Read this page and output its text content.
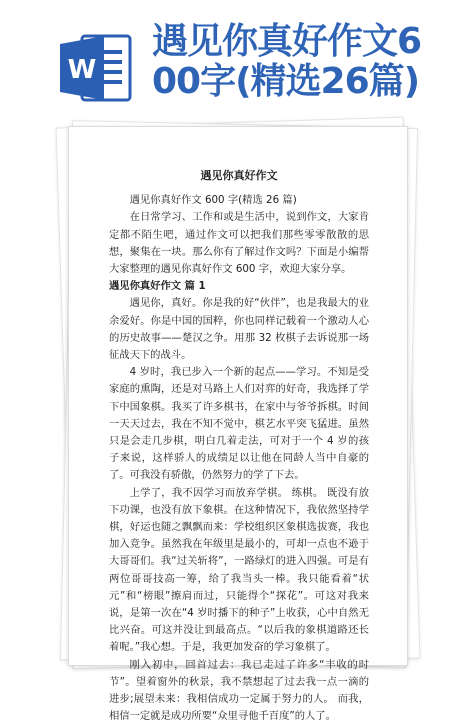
W
遇见你真好作文6
00字(精选26篇)
遇见你真好作文
遇见你真好作文 600 字(精选 26 篇)
在日常学习、工作和或是生活中，说到作文，大家肯定都不陌生吧，通过作文可以把我们那些零零散散的思想，聚集在一块。那么你有了解过作文吗？下面是小编帮大家整理的遇见你真好作文 600 字，欢迎大家分享。
遇见你真好作文 篇 1
遇见你，真好。你是我的好“伙伴”，也是我最大的业余爱好。你是中国的国粹，你也同样记载着一个激动人心的历史故事——楚汉之争。用那 32 枚棋子去诉说那一场征战天下的战斗。
4 岁时，我已步入一个新的起点——学习。不知是受家庭的熏陶，还是对马路上人们对弈的好奇，我选择了学下中国象棋。我买了许多棋书，在家中与爷爷拆棋。时间一天天过去，我在不知不觉中，棋艺水平突飞猛进。虽然只是会走几步棋，明白几着走法，可对于一个 4 岁的孩子来说，这样骄人的成绩足以让他在同龄人当中自豪的了。可我没有骄傲，仍然努力的学了下去。
上学了，我不因学习而放弃学棋。 练棋。 既没有放下功课，也没有放下象棋。在这种情况下，我依然坚持学棋，好运也随之飘飘而来：学校组织区象棋选拔赛，我也加入竞争。虽然我在年级里是最小的，可却一点也不逊于大哥哥们。我“过关斩将”，一路绿灯的进入四强。可是有两位哥哥技高一筹，给了我当头一棒。我只能看着“状元”和“榜眼”擦肩而过，只能得个“探花”。可这对我来说，是第一次在“4 岁时播下的种子”上收获，心中自然无比兴奋。可这并没让到最高点。“以后我的象棋道路还长着呢。”我心想。于是，我更加发奋的学习象棋了。
刚入初中，回首过去：我已走过了许多“丰收的时节”。望着窗外的秋景，我不禁想起了过去我一点一滴的进步;展望未来：我相信成功一定属于努力的人。 而我，相信一定就是成功所要“众里寻他千百度”的人了。
